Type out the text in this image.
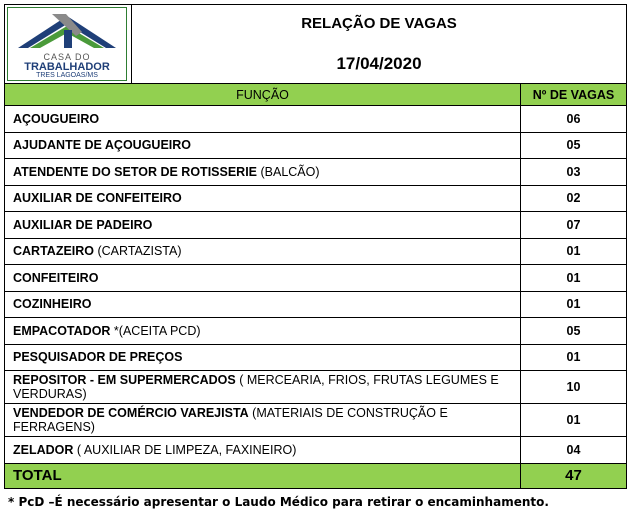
CASA DO
TRABALHADOR
TRES LAGOAS/MS
RELAÇÃO DE VAGAS
17/04/2020	

FUNÇÃO	Nº DE VAGAS
AÇOUGUEIRO	06
AJUDANTE DE AÇOUGUEIRO	05
ATENDENTE DO SETOR DE ROTISSERIE (BALCÃO)	03
AUXILIAR DE CONFEITEIRO	02
AUXILIAR DE PADEIRO	07
CARTAZEIRO (CARTAZISTA)	01
CONFEITEIRO	01
COZINHEIRO	01
EMPACOTADOR *(ACEITA PCD)	05
PESQUISADOR DE PREÇOS	01
REPOSITOR - EM SUPERMERCADOS ( MERCEARIA, FRIOS, FRUTAS LEGUMES E VERDURAS)	10
VENDEDOR DE COMÉRCIO VAREJISTA (MATERIAIS DE CONSTRUÇÃO E FERRAGENS)	01
ZELADOR ( AUXILIAR DE LIMPEZA, FAXINEIRO)	04
TOTAL	47
* PcD –É necessário apresentar o Laudo Médico para retirar o encaminhamento.
